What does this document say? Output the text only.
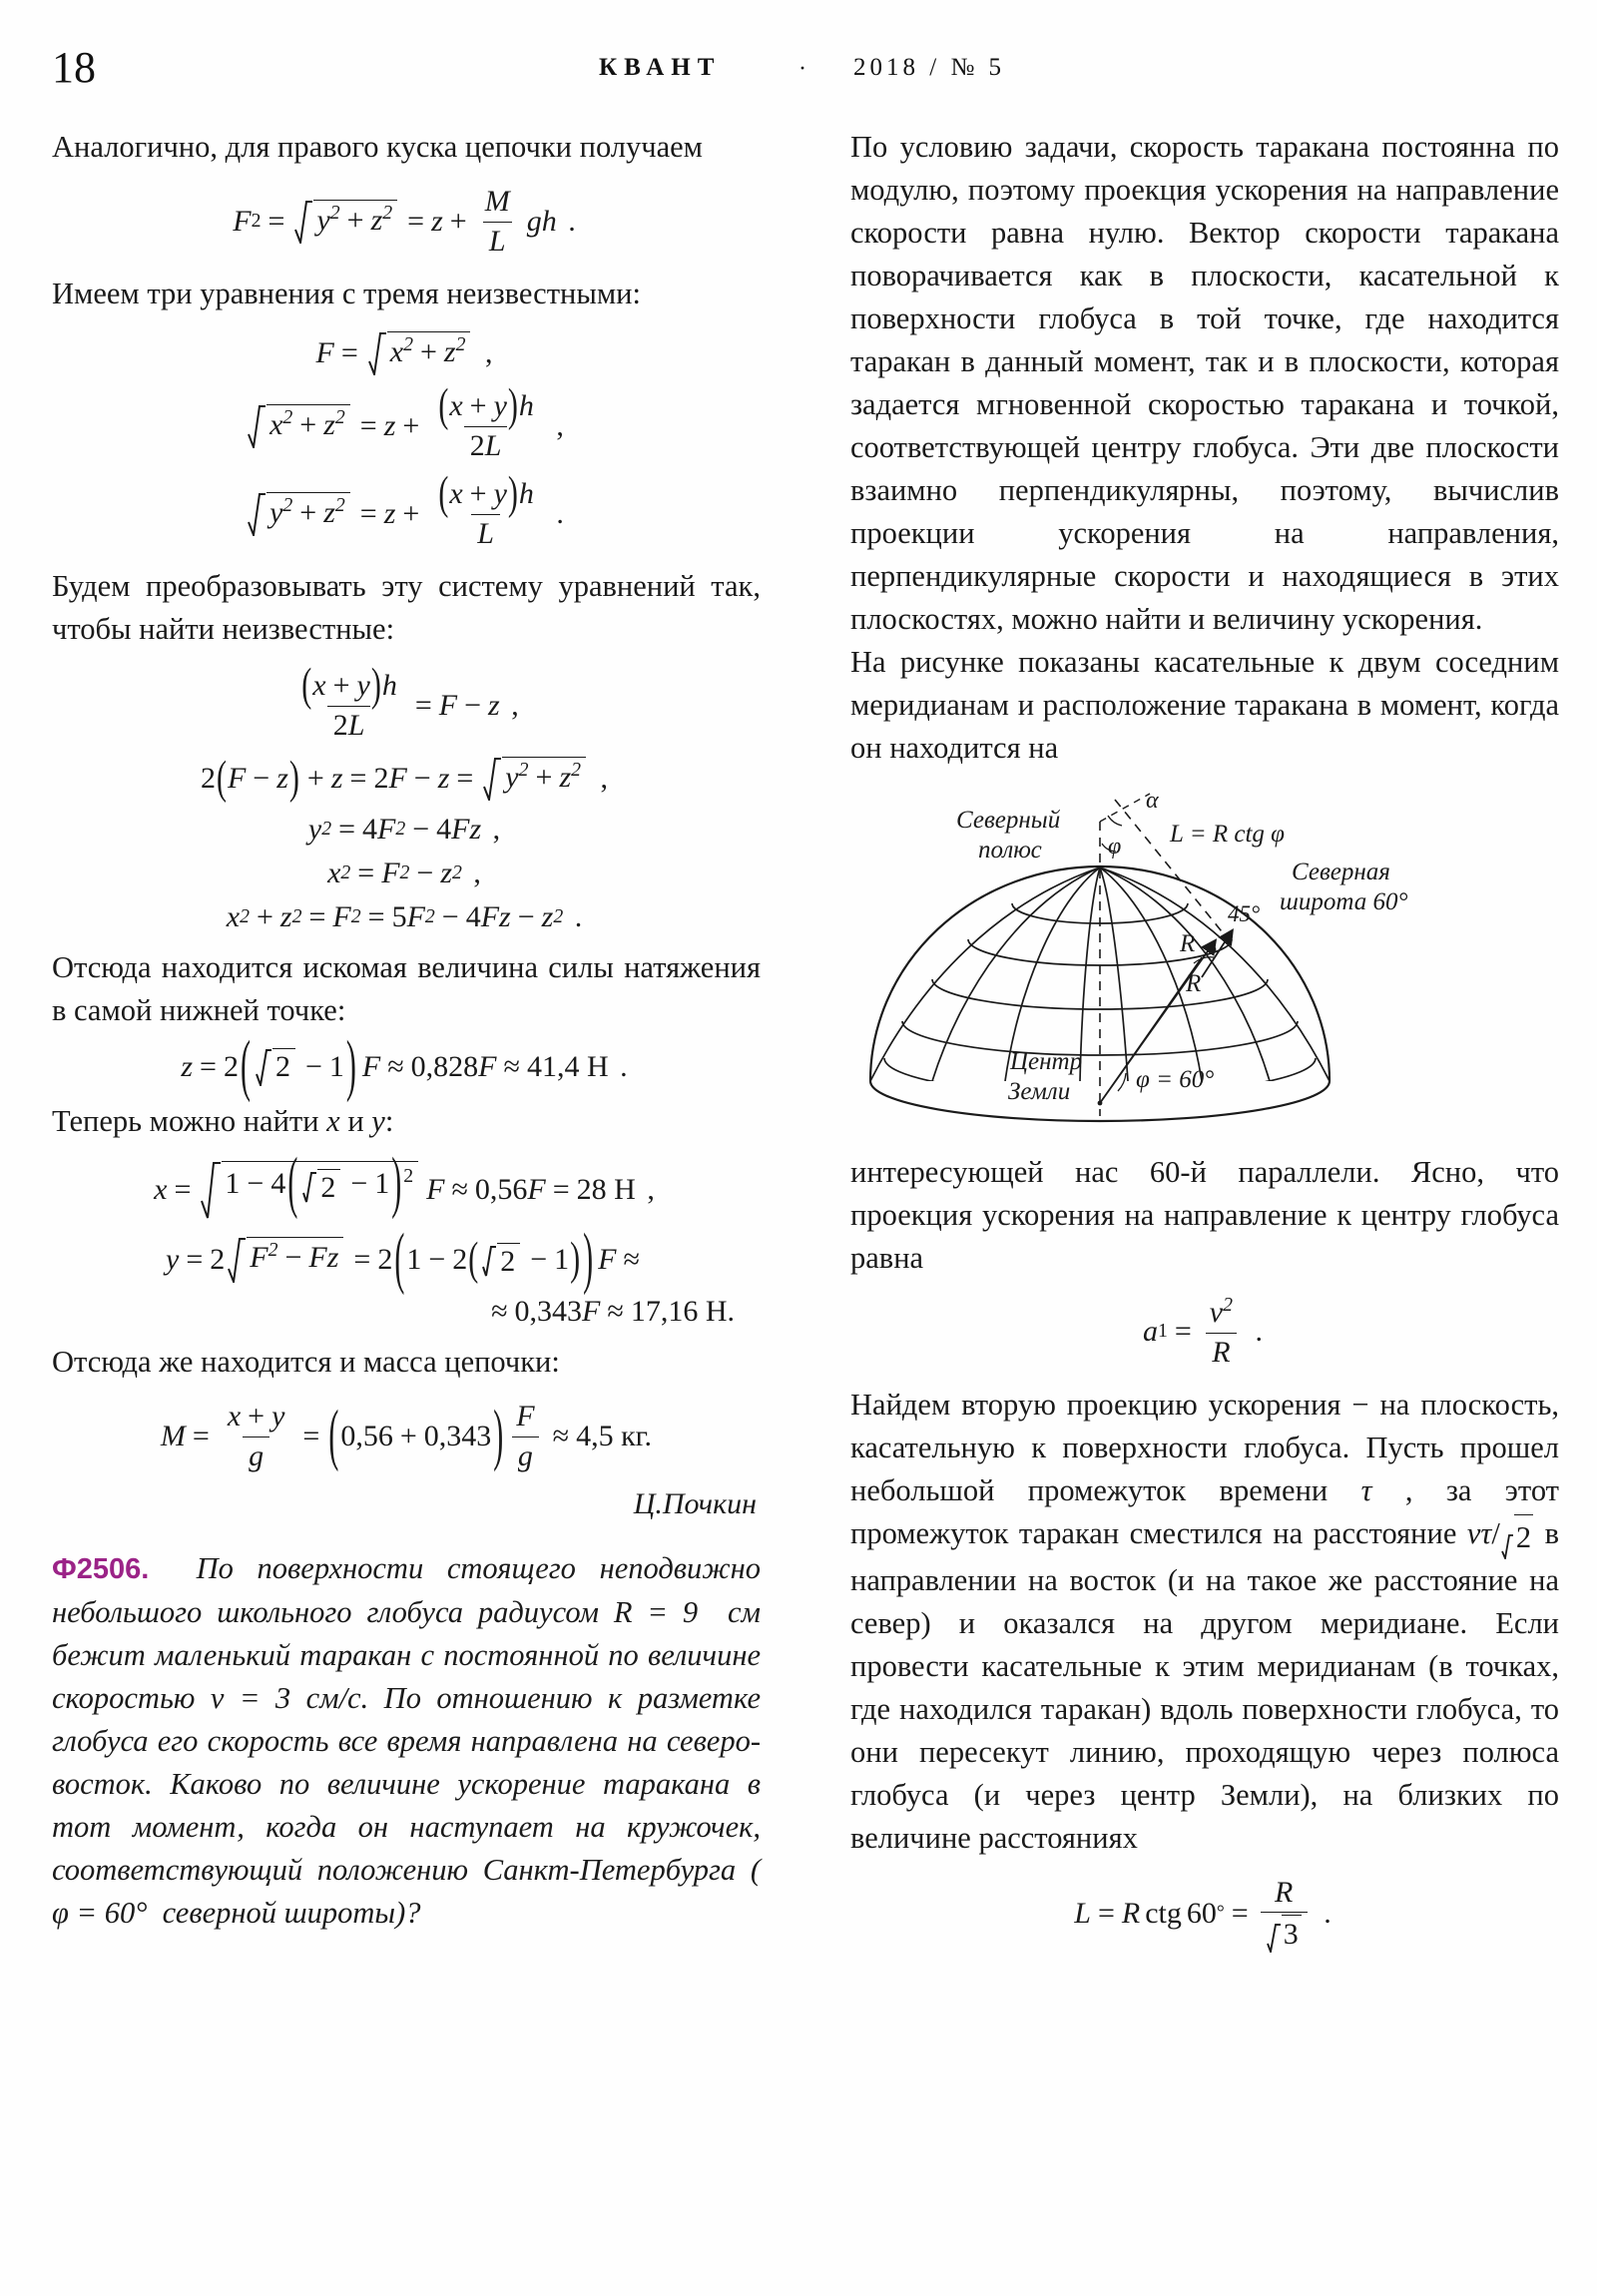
18	КВАНТ	· 2018 / № 5

Аналогично, для правого куска цепочки получаем

F $2 = y^2 + z^2 = z + \frac{M}{L}$ gh .

Имеем три уравнения с тремя неизвестными:

$F = x^2 + z^2$ ,
$x^2 + z^2 = z + \frac{( x + y ) h}{2L}$ ,
$y^2 + z^2 = z + \frac{( x + y ) h}{L}$ .

Будем преобразовывать эту систему уравнений так, чтобы найти неизвестные:

$\frac{( x + y ) h}{2L} = F - z$ ,
2 ( F − z ) + z = 2 $F - z = y^2 + z^2$ ,
y 2 = 4 F 2 − 4 Fz ,
x 2 = F 2 − z 2 ,
x 2 + z 2 = F 2 = 5 F 2 − 4 Fz − z 2 .

Отсюда находится искомая величина силы натяжения в самой нижней точке:

z = 2 ( 2 − 1 ) F ≈ 0,828 F ≈ 41,4 Н .

Теперь можно найти x и y:

x = 1 − 4 ( 2 − 1 ) $^2$ F ≈ 0,56 F = 28 Н ,
y = 2 $F^2 - Fz = 2$ ( 1 − 2 ( 2 − 1 ) ) F ≈
≈ 0,343 F ≈ 17,16 Н.

Отсюда же находится и масса цепочки:

$M = \frac{x + y}{g}$ = ( 0,56 + 0,343 ) $\frac{F}{g} \approx 4,5$ кг.
Ц.Почкин

Ф2506.  По поверхности стоящего неподвижно небольшого школьного глобуса радиусом R = 9  см бежит маленький таракан с постоянной по величине скоростью v = 3 см/с. По отношению к разметке глобуса его скорость все время направлена на северо-восток. Каково по величине ускорение таракана в тот момент, когда он наступает на кружочек, соответствующий положению Санкт-Петербурга ( φ = 60°  северной широты)?

По условию задачи, скорость таракана постоянна по модулю, поэтому проекция ускорения на направление скорости равна нулю. Вектор скорости таракана поворачивается как в плоскости, касательной к поверхности глобуса в той точке, где находится таракан в данный момент, так и в плоскости, которая задается мгновенной скоростью таракана и точкой, соответствующей центру глобуса. Эти две плоскости взаимно перпендикулярны, поэтому, вычислив проекции ускорения на направления, перпендикулярные скорости и находящиеся в этих плоскостях, можно найти и величину ускорения.

На рисунке показаны касательные к двум соседним меридианам и расположение таракана в момент, когда он находится на

Северный
полюс
α
φ L = R ctg φ
Северная
широта 60°
45°
R
R
Центр
Земли	φ = 60°

интересующей нас 60-й параллели. Ясно, что проекция ускорения на направление к центру глобуса равна

a $1 = \frac{v^2}{R}$ .

Найдем вторую проекцию ускорения − на плоскость, касательную к поверхности глобуса. Пусть прошел небольшой промежуток времени τ , за этот промежуток таракан сместился на расстояние vτ/ 2 в направлении на восток (и на такое же расстояние на север) и оказался на другом меридиане. Если провести касательные к этим меридианам (в точках, где находился таракан) вдоль поверхности глобуса, то они пересекут линию, проходящую через полюса глобуса (и через центр Земли), на близких по величине расстояниях

L = R ctg 60 ° = $\frac{R}{3}$ .
